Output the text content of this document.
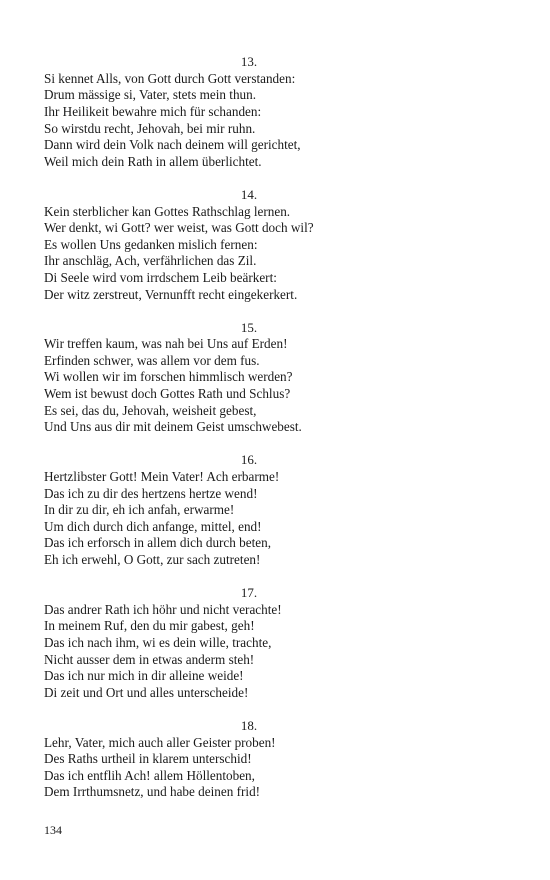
13.
Si kennet Alls, von Gott durch Gott verstanden:
Drum mässige si, Vater, stets mein thun.
Ihr Heilikeit bewahre mich für schanden:
So wirstdu recht, Jehovah, bei mir ruhn.
Dann wird dein Volk nach deinem will gerichtet,
Weil mich dein Rath in allem überlichtet.
14.
Kein sterblicher kan Gottes Rathschlag lernen.
Wer denkt, wi Gott? wer weist, was Gott doch wil?
Es wollen Uns gedanken mislich fernen:
Ihr anschläg, Ach, verfährlichen das Zil.
Di Seele wird vom irrdschem Leib beärkert:
Der witz zerstreut, Vernunfft recht eingekerkert.
15.
Wir treffen kaum, was nah bei Uns auf Erden!
Erfinden schwer, was allem vor dem fus.
Wi wollen wir im forschen himmlisch werden?
Wem ist bewust doch Gottes Rath und Schlus?
Es sei, das du, Jehovah, weisheit gebest,
Und Uns aus dir mit deinem Geist umschwebest.
16.
Hertzlibster Gott! Mein Vater! Ach erbarme!
Das ich zu dir des hertzens hertze wend!
In dir zu dir, eh ich anfah, erwarme!
Um dich durch dich anfange, mittel, end!
Das ich erforsch in allem dich durch beten,
Eh ich erwehl, O Gott, zur sach zutreten!
17.
Das andrer Rath ich höhr und nicht verachte!
In meinem Ruf, den du mir gabest, geh!
Das ich nach ihm, wi es dein wille, trachte,
Nicht ausser dem in etwas anderm steh!
Das ich nur mich in dir alleine weide!
Di zeit und Ort und alles unterscheide!
18.
Lehr, Vater, mich auch aller Geister proben!
Des Raths urtheil in klarem unterschid!
Das ich entflih Ach! allem Höllentoben,
Dem Irrthumsnetz, und habe deinen frid!
134
